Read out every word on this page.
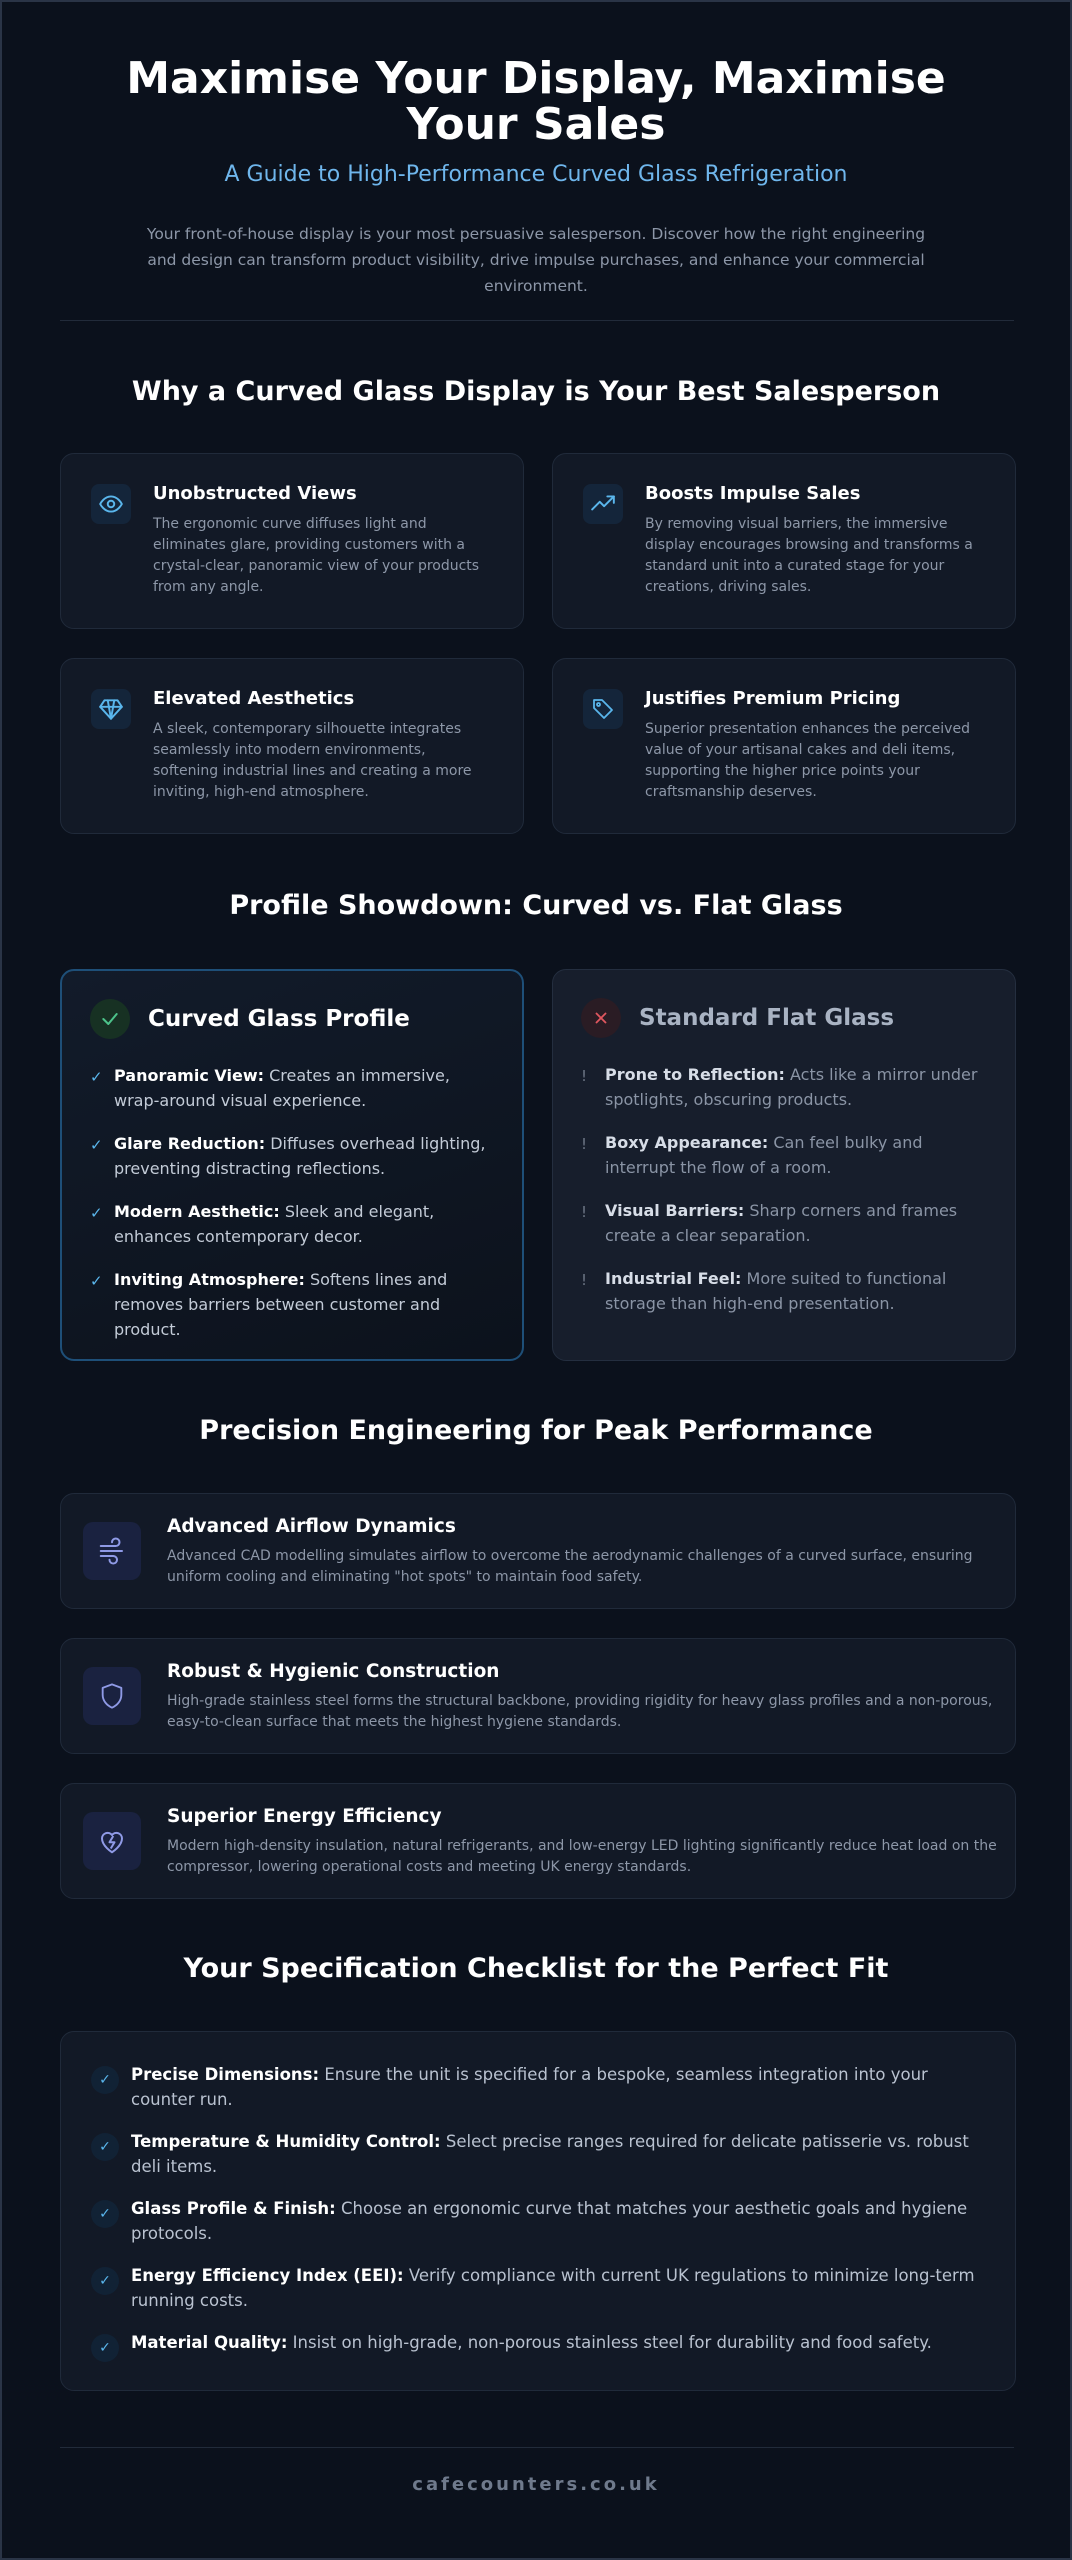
Maximise Your Display, Maximise Your Sales
A Guide to High-Performance Curved Glass Refrigeration

Your front-of-house display is your most persuasive salesperson. Discover how the right engineering and design can transform product visibility, drive impulse purchases, and enhance your commercial environment.

Why a Curved Glass Display is Your Best Salesperson
Unobstructed Views
The ergonomic curve diffuses light and eliminates glare, providing customers with a crystal-clear, panoramic view of your products from any angle.
Boosts Impulse Sales
By removing visual barriers, the immersive display encourages browsing and transforms a standard unit into a curated stage for your creations, driving sales.
Elevated Aesthetics
A sleek, contemporary silhouette integrates seamlessly into modern environments, softening industrial lines and creating a more inviting, high-end atmosphere.
Justifies Premium Pricing
Superior presentation enhances the perceived value of your artisanal cakes and deli items, supporting the higher price points your craftsmanship deserves.
Profile Showdown: Curved vs. Flat Glass
Curved Glass Profile
✓ Panoramic View: Creates an immersive, wrap-around visual experience.
✓ Glare Reduction: Diffuses overhead lighting, preventing distracting reflections.
✓ Modern Aesthetic: Sleek and elegant, enhances contemporary decor.
✓ Inviting Atmosphere: Softens lines and removes barriers between customer and product.
Standard Flat Glass
!	Prone to Reflection: Acts like a mirror under spotlights, obscuring products.
!	Boxy Appearance: Can feel bulky and interrupt the flow of a room.
!	Visual Barriers: Sharp corners and frames create a clear separation.
!	Industrial Feel: More suited to functional storage than high-end presentation.
Precision Engineering for Peak Performance
Advanced Airflow Dynamics
Advanced CAD modelling simulates airflow to overcome the aerodynamic challenges of a curved surface, ensuring uniform cooling and eliminating "hot spots" to maintain food safety.
Robust & Hygienic Construction
High-grade stainless steel forms the structural backbone, providing rigidity for heavy glass profiles and a non-porous, easy-to-clean surface that meets the highest hygiene standards.
Superior Energy Efficiency
Modern high-density insulation, natural refrigerants, and low-energy LED lighting significantly reduce heat load on the compressor, lowering operational costs and meeting UK energy standards.
Your Specification Checklist for the Perfect Fit
✓	Precise Dimensions: Ensure the unit is specified for a bespoke, seamless integration into your counter run.
✓	Temperature & Humidity Control: Select precise ranges required for delicate patisserie vs. robust deli items.
✓	Glass Profile & Finish: Choose an ergonomic curve that matches your aesthetic goals and hygiene protocols.
✓	Energy Efficiency Index (EEI): Verify compliance with current UK regulations to minimize long-term running costs.
✓	Material Quality: Insist on high-grade, non-porous stainless steel for durability and food safety.
cafecounters.co.uk
